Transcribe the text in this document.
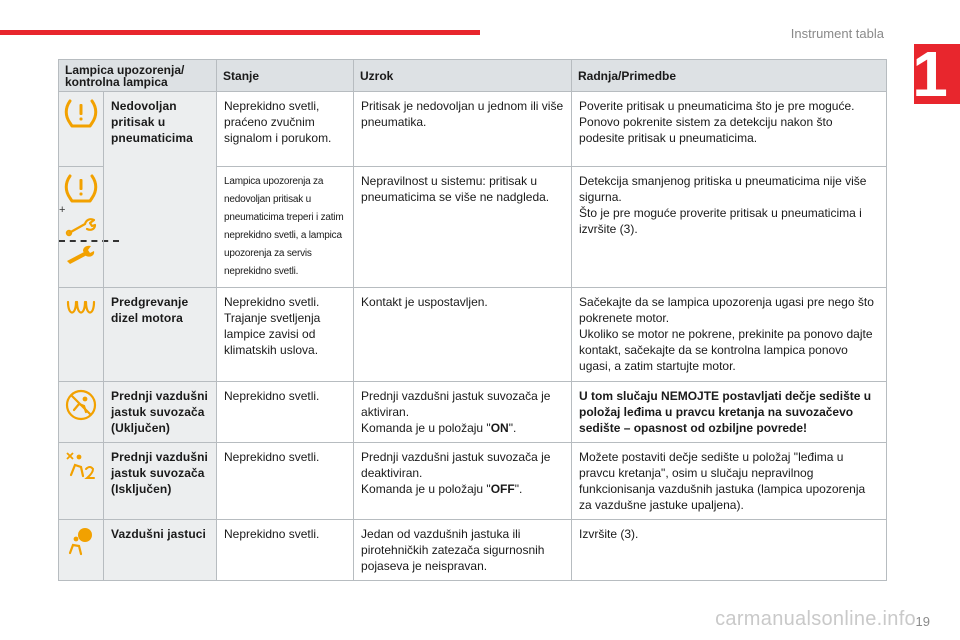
Instrument tabla
1
Lampica upozorenja/ kontrolna lampica		Stanje	Uzrok	Radnja/Primedbe

	Nedovoljan pritisak u pneumaticima	Neprekidno svetli, praćeno zvučnim signalom i porukom.	Pritisak je nedovoljan u jednom ili više pneumatika.	Poverite pritisak u pneumaticima što je pre moguće. Ponovo pokrenite sistem za detekciju nakon što podesite pritisak u pneumaticima.

+		Lampica upozorenja za nedovoljan pritisak u pneumaticima treperi i zatim neprekidno svetli, a lampica upozorenja za servis neprekidno svetli.	Nepravilnost u sistemu: pritisak u pneumaticima se više ne nadgleda.	Detekcija smanjenog pritiska u pneumaticima nije više sigurna.
Što je pre moguće proverite pritisak u pneumaticima i izvršite (3).

	Predgrevanje dizel motora	Neprekidno svetli. Trajanje svetljenja lampice zavisi od klimatskih uslova.	Kontakt je uspostavljen.	Sačekajte da se lampica upozorenja ugasi pre nego što pokrenete motor.
Ukoliko se motor ne pokrene, prekinite pa ponovo dajte kontakt, sačekajte da se kontrolna lampica ponovo ugasi, a zatim startujte motor.

	Prednji vazdušni jastuk suvozača (Uključen)	Neprekidno svetli.	Prednji vazdušni jastuk suvozača je aktiviran.
Komanda je u položaju "ON".	U tom slučaju NEMOJTE postavljati dečje sedište u položaj leđima u pravcu kretanja na suvozačevo sedište – opasnost od ozbiljne povrede!

	Prednji vazdušni jastuk suvozača (Isključen)	Neprekidno svetli.	Prednji vazdušni jastuk suvozača je deaktiviran.
Komanda je u položaju "OFF".	Možete postaviti dečje sedište u položaj "leđima u pravcu kretanja", osim u slučaju nepravilnog funkcionisanja vazdušnih jastuka (lampica upozorenja za vazdušne jastuke upaljena).

	Vazdušni jastuci	Neprekidno svetli.	Jedan od vazdušnih jastuka ili pirotehničkih zatezača sigurnosnih pojaseva je neispravan.	Izvršite (3).
carmanualsonline.info 19
